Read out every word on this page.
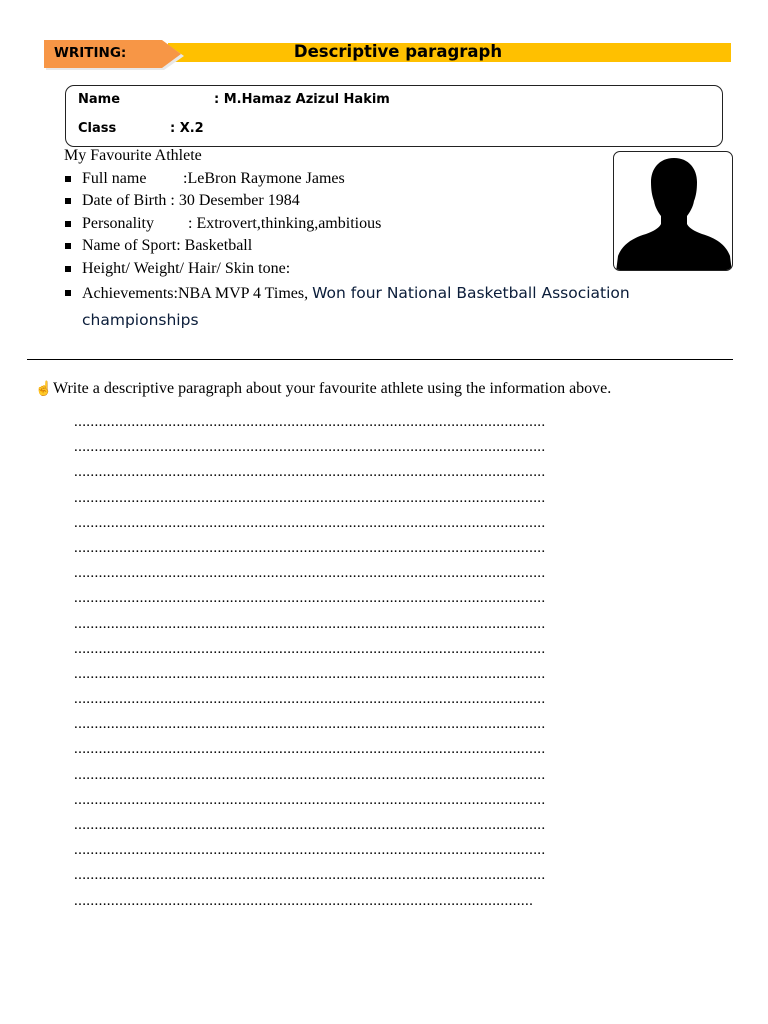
WRITING:	Descriptive paragraph
Name	: M.Hamaz Azizul Hakim
Class	: X.2
My Favourite Athlete
Full name :LeBron Raymone James
Date of Birth : 30 Desember 1984
Personality : Extrovert,thinking,ambitious
Name of Sport: Basketball
Height/ Weight/ Hair/ Skin tone:
Achievements:NBA MVP 4 Times, Won four National Basketball Association championships
☝Write a descriptive paragraph about your favourite athlete using the information above.
...................................................................................................................
...................................................................................................................
...................................................................................................................
...................................................................................................................
...................................................................................................................
...................................................................................................................
...................................................................................................................
...................................................................................................................
...................................................................................................................
...................................................................................................................
...................................................................................................................
...................................................................................................................
...................................................................................................................
...................................................................................................................
...................................................................................................................
...................................................................................................................
...................................................................................................................
...................................................................................................................
...................................................................................................................
................................................................................................................
